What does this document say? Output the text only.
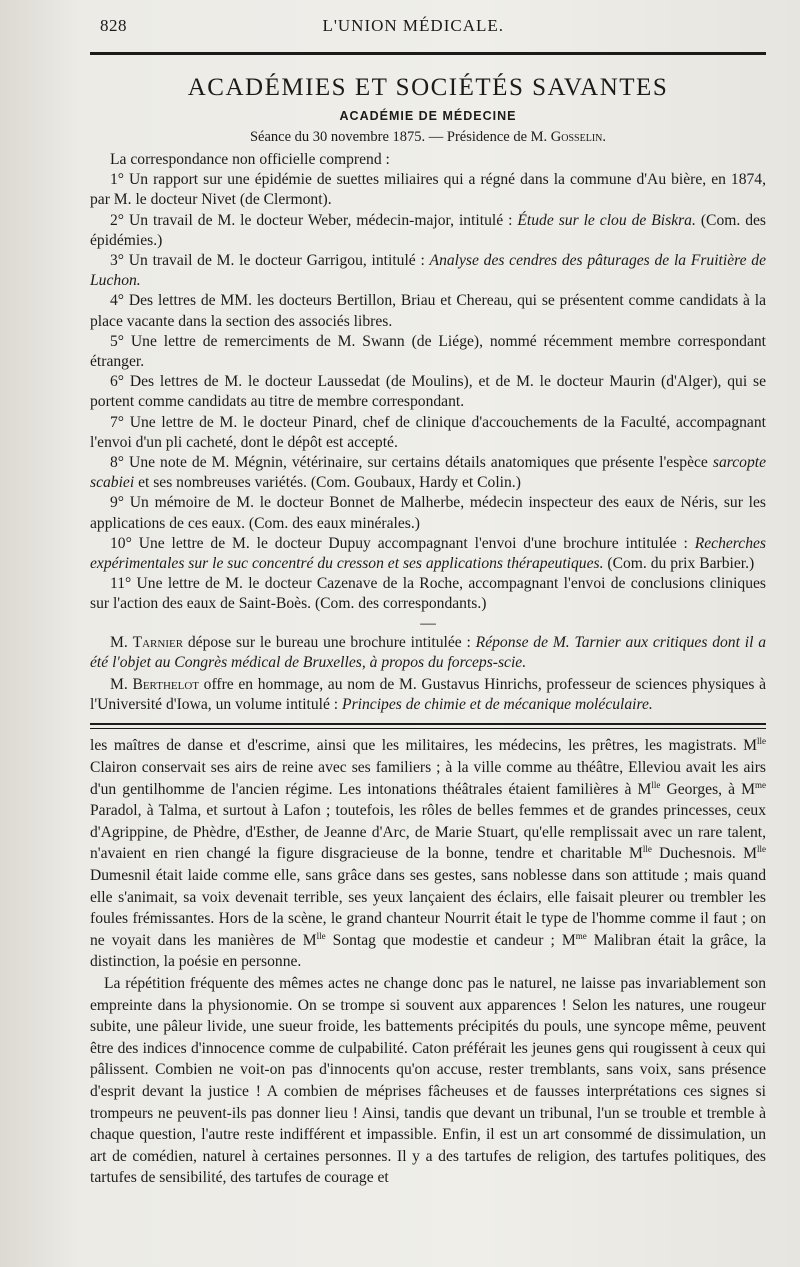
828	L'UNION MÉDICALE.
ACADÉMIES ET SOCIÉTÉS SAVANTES
ACADÉMIE DE MÉDECINE
Séance du 30 novembre 1875. — Présidence de M. Gosselin.

La correspondance non officielle comprend :

1° Un rapport sur une épidémie de suettes miliaires qui a régné dans la commune d'Au bière, en 1874, par M. le docteur Nivet (de Clermont).

2° Un travail de M. le docteur Weber, médecin-major, intitulé : Étude sur le clou de Biskra. (Com. des épidémies.)

3° Un travail de M. le docteur Garrigou, intitulé : Analyse des cendres des pâturages de la Fruitière de Luchon.

4° Des lettres de MM. les docteurs Bertillon, Briau et Chereau, qui se présentent comme candidats à la place vacante dans la section des associés libres.

5° Une lettre de remerciments de M. Swann (de Liége), nommé récemment membre correspondant étranger.

6° Des lettres de M. le docteur Laussedat (de Moulins), et de M. le docteur Maurin (d'Alger), qui se portent comme candidats au titre de membre correspondant.

7° Une lettre de M. le docteur Pinard, chef de clinique d'accouchements de la Faculté, accompagnant l'envoi d'un pli cacheté, dont le dépôt est accepté.

8° Une note de M. Mégnin, vétérinaire, sur certains détails anatomiques que présente l'espèce sarcopte scabiei et ses nombreuses variétés. (Com. Goubaux, Hardy et Colin.)

9° Un mémoire de M. le docteur Bonnet de Malherbe, médecin inspecteur des eaux de Néris, sur les applications de ces eaux. (Com. des eaux minérales.)

10° Une lettre de M. le docteur Dupuy accompagnant l'envoi d'une brochure intitulée : Recherches expérimentales sur le suc concentré du cresson et ses applications thérapeutiques. (Com. du prix Barbier.)

11° Une lettre de M. le docteur Cazenave de la Roche, accompagnant l'envoi de conclusions cliniques sur l'action des eaux de Saint-Boès. (Com. des correspondants.)

—

M. Tarnier dépose sur le bureau une brochure intitulée : Réponse de M. Tarnier aux critiques dont il a été l'objet au Congrès médical de Bruxelles, à propos du forceps-scie.

M. Berthelot offre en hommage, au nom de M. Gustavus Hinrichs, professeur de sciences physiques à l'Université d'Iowa, un volume intitulé : Principes de chimie et de mécanique moléculaire.

les maîtres de danse et d'escrime, ainsi que les militaires, les médecins, les prêtres, les magistrats. $M^{lle}$ Clairon conservait ses airs de reine avec ses familiers ; à la ville comme au théâtre, Elleviou avait les airs d'un gentilhomme de l'ancien régime. Les intonations théâtrales étaient familières à $M^{lle}$ Georges, à $M^{me}$ Paradol, à Talma, et surtout à Lafon ; toutefois, les rôles de belles femmes et de grandes princesses, ceux d'Agrippine, de Phèdre, d'Esther, de Jeanne d'Arc, de Marie Stuart, qu'elle remplissait avec un rare talent, n'avaient en rien changé la figure disgracieuse de la bonne, tendre et charitable $M^{lle}$ Duchesnois. $M^{lle}$ Dumesnil était laide comme elle, sans grâce dans ses gestes, sans noblesse dans son attitude ; mais quand elle s'animait, sa voix devenait terrible, ses yeux lançaient des éclairs, elle faisait pleurer ou trembler les foules frémissantes. Hors de la scène, le grand chanteur Nourrit était le type de l'homme comme il faut ; on ne voyait dans les manières de $M^{lle}$ Sontag que modestie et candeur ; $M^{me}$ Malibran était la grâce, la distinction, la poésie en personne.

La répétition fréquente des mêmes actes ne change donc pas le naturel, ne laisse pas invariablement son empreinte dans la physionomie. On se trompe si souvent aux apparences ! Selon les natures, une rougeur subite, une pâleur livide, une sueur froide, les battements précipités du pouls, une syncope même, peuvent être des indices d'innocence comme de culpabilité. Caton préférait les jeunes gens qui rougissent à ceux qui pâlissent. Combien ne voit-on pas d'innocents qu'on accuse, rester tremblants, sans voix, sans présence d'esprit devant la justice ! A combien de méprises fâcheuses et de fausses interprétations ces signes si trompeurs ne peuvent-ils pas donner lieu ! Ainsi, tandis que devant un tribunal, l'un se trouble et tremble à chaque question, l'autre reste indifférent et impassible. Enfin, il est un art consommé de dissimulation, un art de comédien, naturel à certaines personnes. Il y a des tartufes de religion, des tartufes politiques, des tartufes de sensibilité, des tartufes de courage et
